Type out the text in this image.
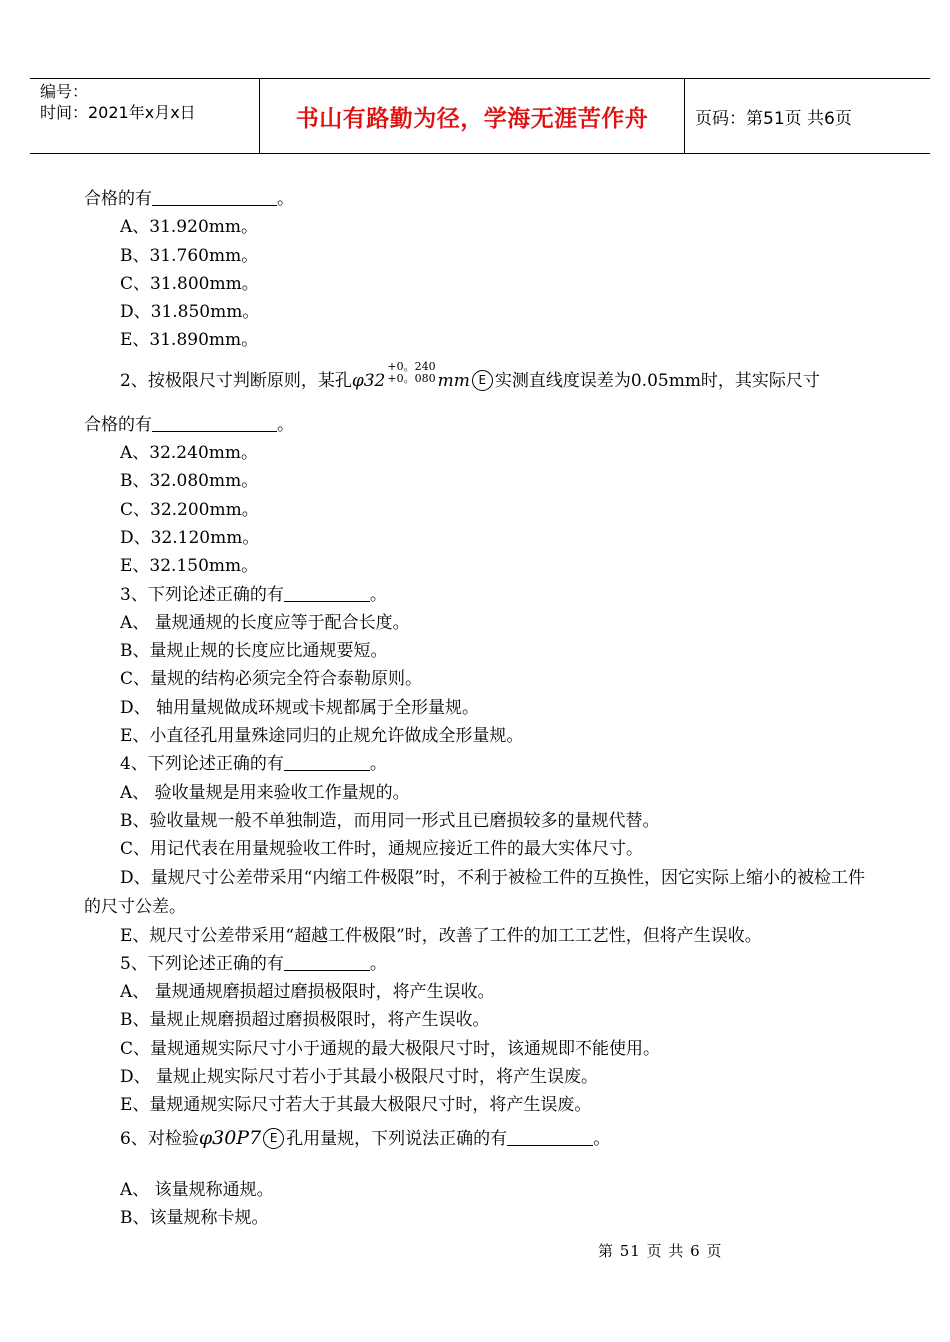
编号：
时间：2021年x月x日	书山有路勤为径，学海无涯苦作舟	页码：第51页 共6页
合格的有	。
A、31.920mm。
B、31.760mm。
C、31.800mm。
D、31.850mm。
E、31.890mm。
2、按极限尺寸判断原则，某孔φ32
+0。240
+0。080 mm E 实测直线度误差为0.05mm时，其实际尺寸
合格的有	。
A、32.240mm。
B、32.080mm。
C、32.200mm。
D、32.120mm。
E、32.150mm。
3、下列论述正确的有	。
A、 量规通规的长度应等于配合长度。
B、量规止规的长度应比通规要短。
C、量规的结构必须完全符合泰勒原则。
D、 轴用量规做成环规或卡规都属于全形量规。
E、小直径孔用量殊途同归的止规允许做成全形量规。
4、下列论述正确的有	。
A、 验收量规是用来验收工作量规的。
B、验收量规一般不单独制造，而用同一形式且已磨损较多的量规代替。
C、用记代表在用量规验收工件时，通规应接近工件的最大实体尺寸。
D、量规尺寸公差带采用“内缩工件极限”时，不利于被检工件的互换性，因它实际上缩小的被检工件的尺寸公差。
E、规尺寸公差带采用“超越工件极限”时，改善了工件的加工工艺性，但将产生误收。
5、下列论述正确的有	。
A、 量规通规磨损超过磨损极限时，将产生误收。
B、量规止规磨损超过磨损极限时，将产生误收。
C、量规通规实际尺寸小于通规的最大极限尺寸时，该通规即不能使用。
D、 量规止规实际尺寸若小于其最小极限尺寸时，将产生误废。
E、量规通规实际尺寸若大于其最大极限尺寸时，将产生误废。
6、对检验φ30P7 E 孔用量规，下列说法正确的有	。
A、 该量规称通规。
B、该量规称卡规。
第 51 页 共 6 页
